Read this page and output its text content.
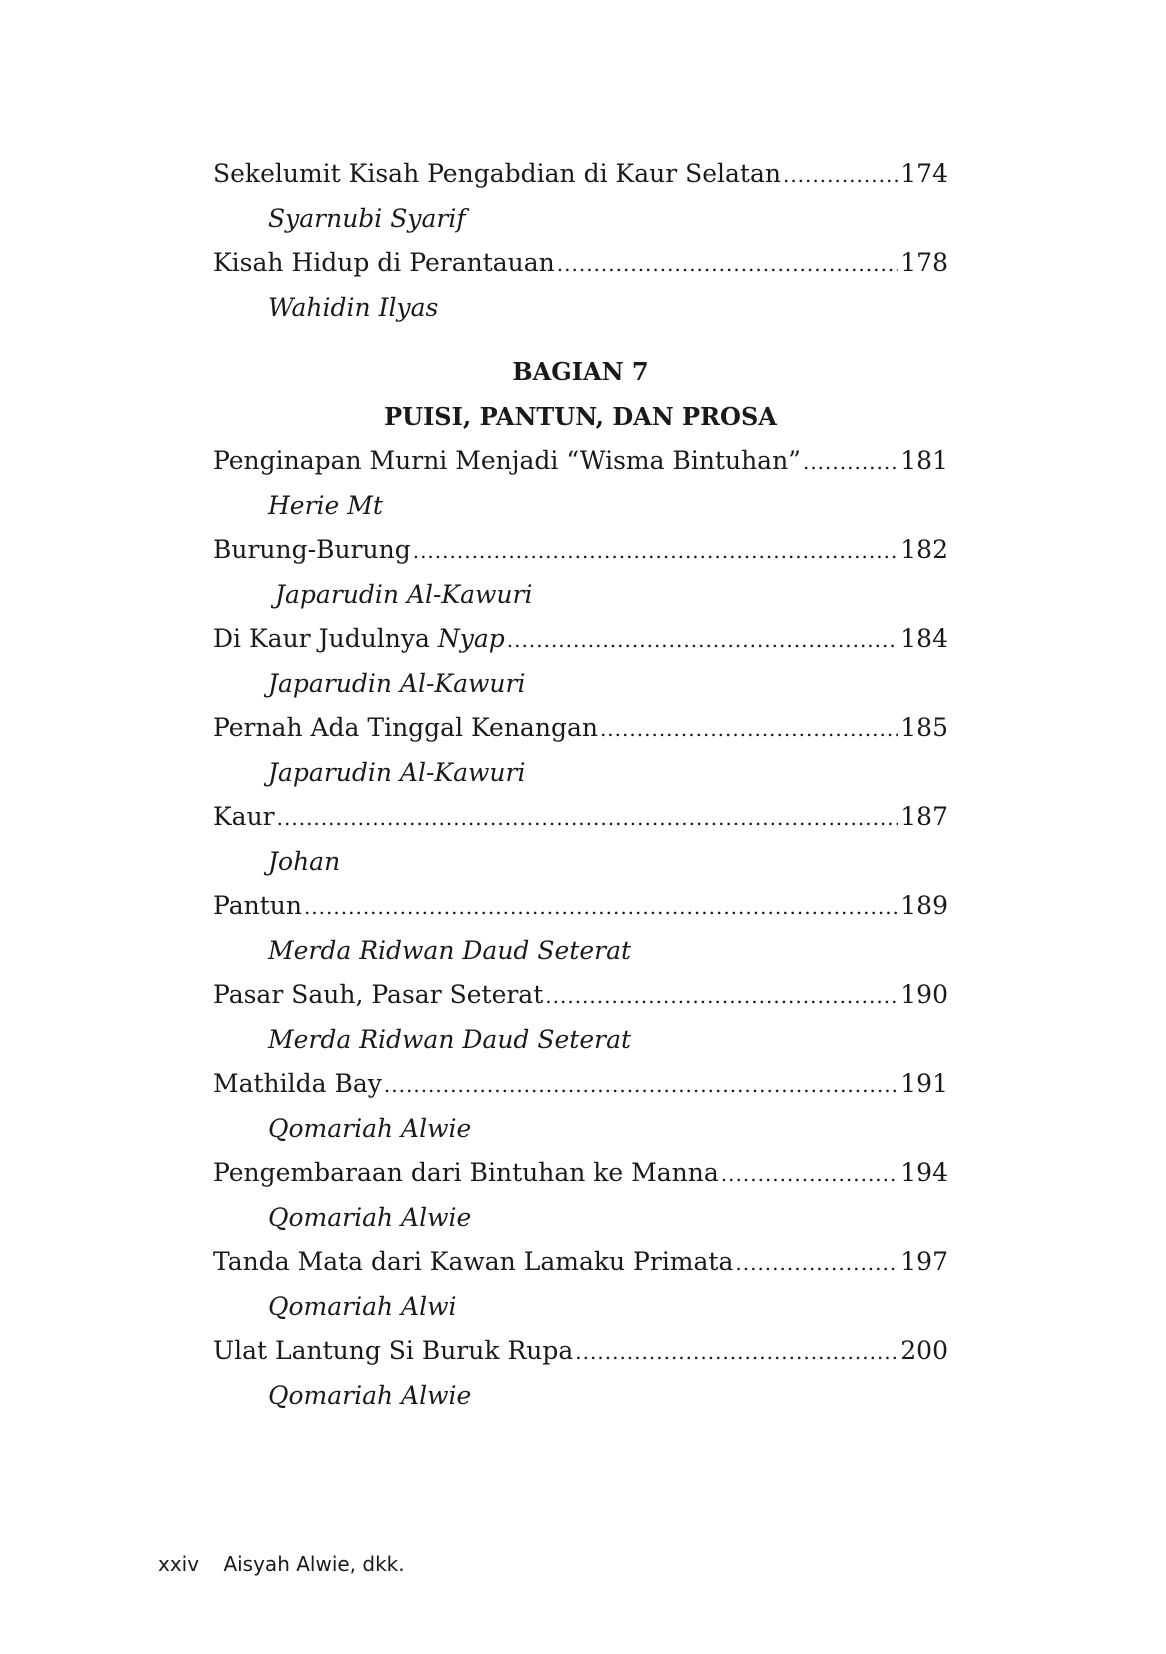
Sekelumit Kisah Pengabdian di Kaur Selatan .....	174
Syarnubi Syarif
Kisah Hidup di Perantauan .....	178
Wahidin Ilyas
BAGIAN 7
PUISI, PANTUN, DAN PROSA
Penginapan Murni Menjadi “Wisma Bintuhan” .....	181
Herie Mt
Burung-Burung .....	182
Japarudin Al-Kawuri
Di Kaur Judulnya Nyap .....	184
Japarudin Al-Kawuri
Pernah Ada Tinggal Kenangan .....	185
Japarudin Al-Kawuri
Kaur .....	187
Johan
Pantun .....	189
Merda Ridwan Daud Seterat
Pasar Sauh, Pasar Seterat .....	190
Merda Ridwan Daud Seterat
Mathilda Bay .....	191
Qomariah Alwie
Pengembaraan dari Bintuhan ke Manna .....	194
Qomariah Alwie
Tanda Mata dari Kawan Lamaku Primata .....	197
Qomariah Alwi
Ulat Lantung Si Buruk Rupa .....	200
Qomariah Alwie
xxiv Aisyah Alwie, dkk.
